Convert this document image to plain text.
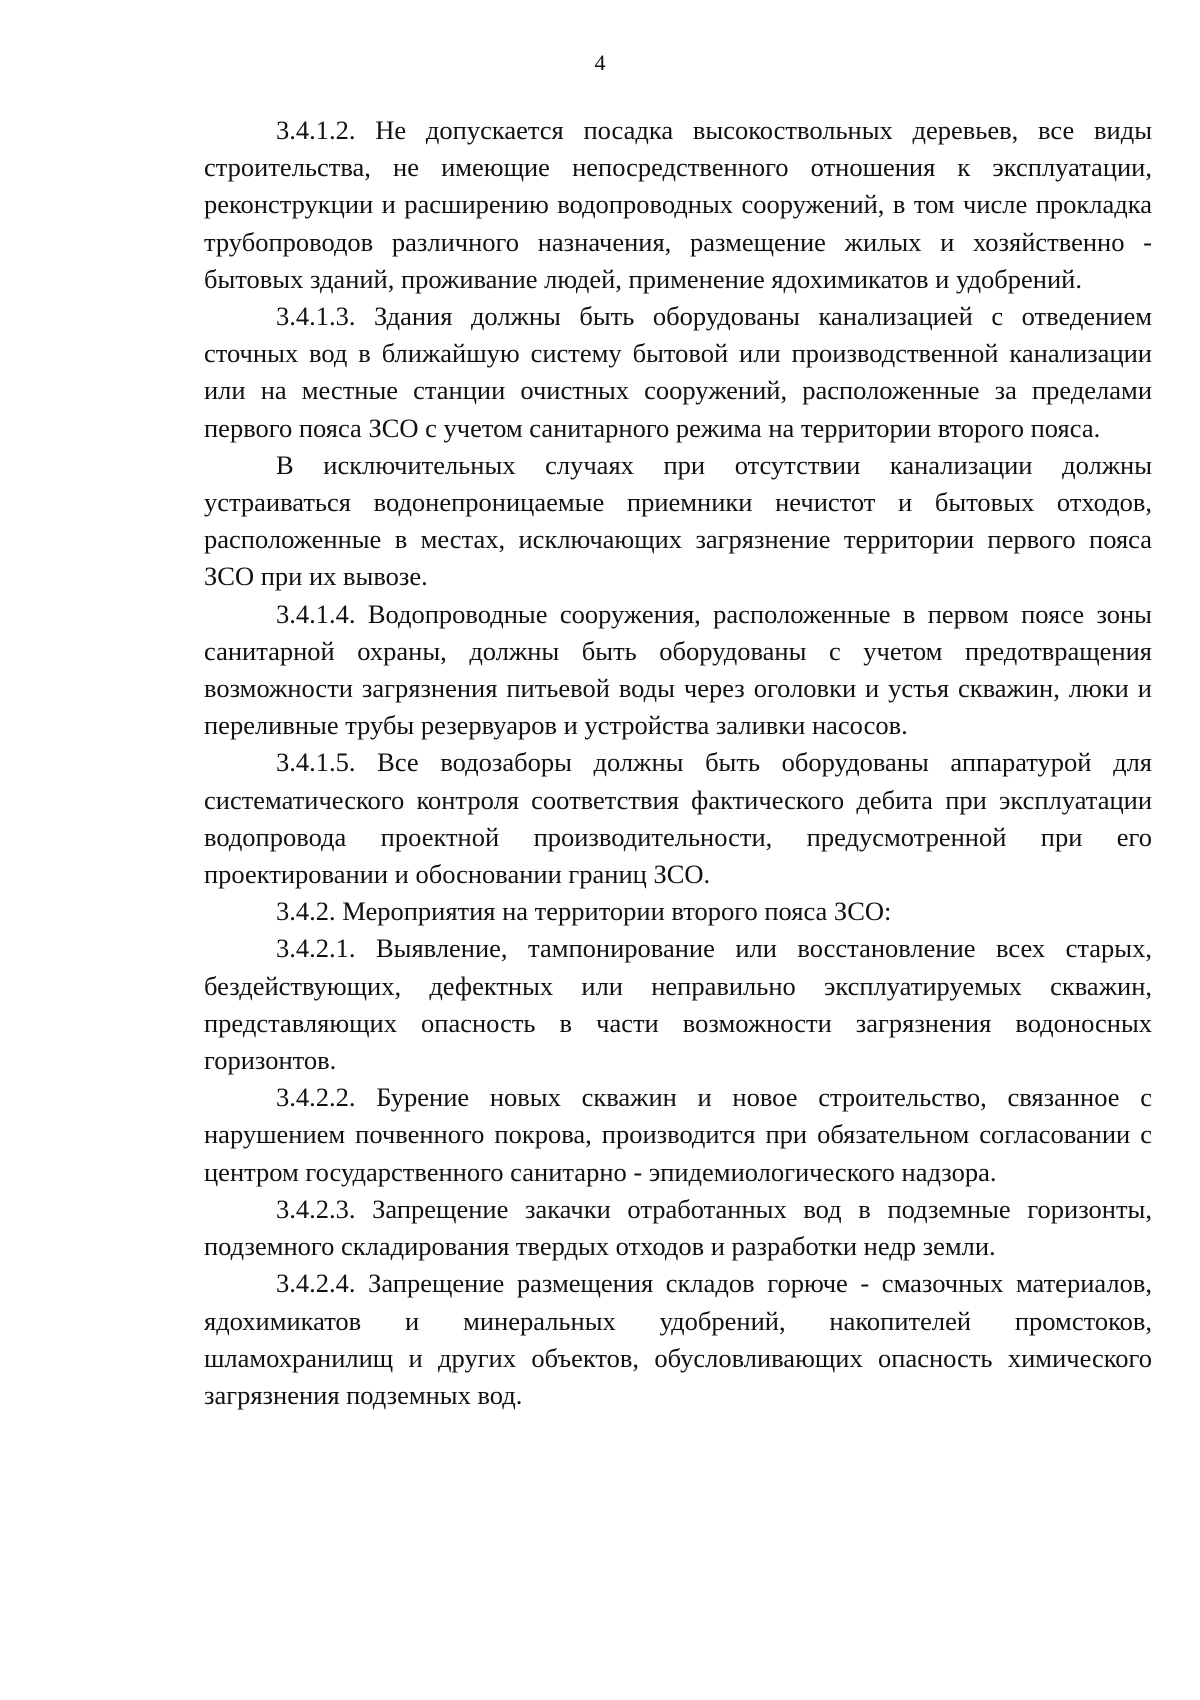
4

3.4.1.2. Не допускается посадка высокоствольных деревьев, все виды строительства, не имеющие непосредственного отношения к эксплуатации, реконструкции и расширению водопроводных сооружений, в том числе прокладка трубопроводов различного назначения, размещение жилых и хозяйственно - бытовых зданий, проживание людей, применение ядохимикатов и удобрений.

3.4.1.3. Здания должны быть оборудованы канализацией с отведением сточных вод в ближайшую систему бытовой или производственной канализации или на местные станции очистных сооружений, расположенные за пределами первого пояса ЗСО с учетом санитарного режима на территории второго пояса.

В исключительных случаях при отсутствии канализации должны устраиваться водонепроницаемые приемники нечистот и бытовых отходов, расположенные в местах, исключающих загрязнение территории первого пояса ЗСО при их вывозе.

3.4.1.4. Водопроводные сооружения, расположенные в первом поясе зоны санитарной охраны, должны быть оборудованы с учетом предотвращения возможности загрязнения питьевой воды через оголовки и устья скважин, люки и переливные трубы резервуаров и устройства заливки насосов.

3.4.1.5. Все водозаборы должны быть оборудованы аппаратурой для систематического контроля соответствия фактического дебита при эксплуатации водопровода проектной производительности, предусмотренной при его проектировании и обосновании границ ЗСО.

3.4.2. Мероприятия на территории второго пояса ЗСО:

3.4.2.1. Выявление, тампонирование или восстановление всех старых, бездействующих, дефектных или неправильно эксплуатируемых скважин, представляющих опасность в части возможности загрязнения водоносных горизонтов.

3.4.2.2. Бурение новых скважин и новое строительство, связанное с нарушением почвенного покрова, производится при обязательном согласовании с центром государственного санитарно - эпидемиологического надзора.

3.4.2.3. Запрещение закачки отработанных вод в подземные горизонты, подземного складирования твердых отходов и разработки недр земли.

3.4.2.4. Запрещение размещения складов горюче - смазочных материалов, ядохимикатов и минеральных удобрений, накопителей промстоков, шламохранилищ и других объектов, обусловливающих опасность химического загрязнения подземных вод.
